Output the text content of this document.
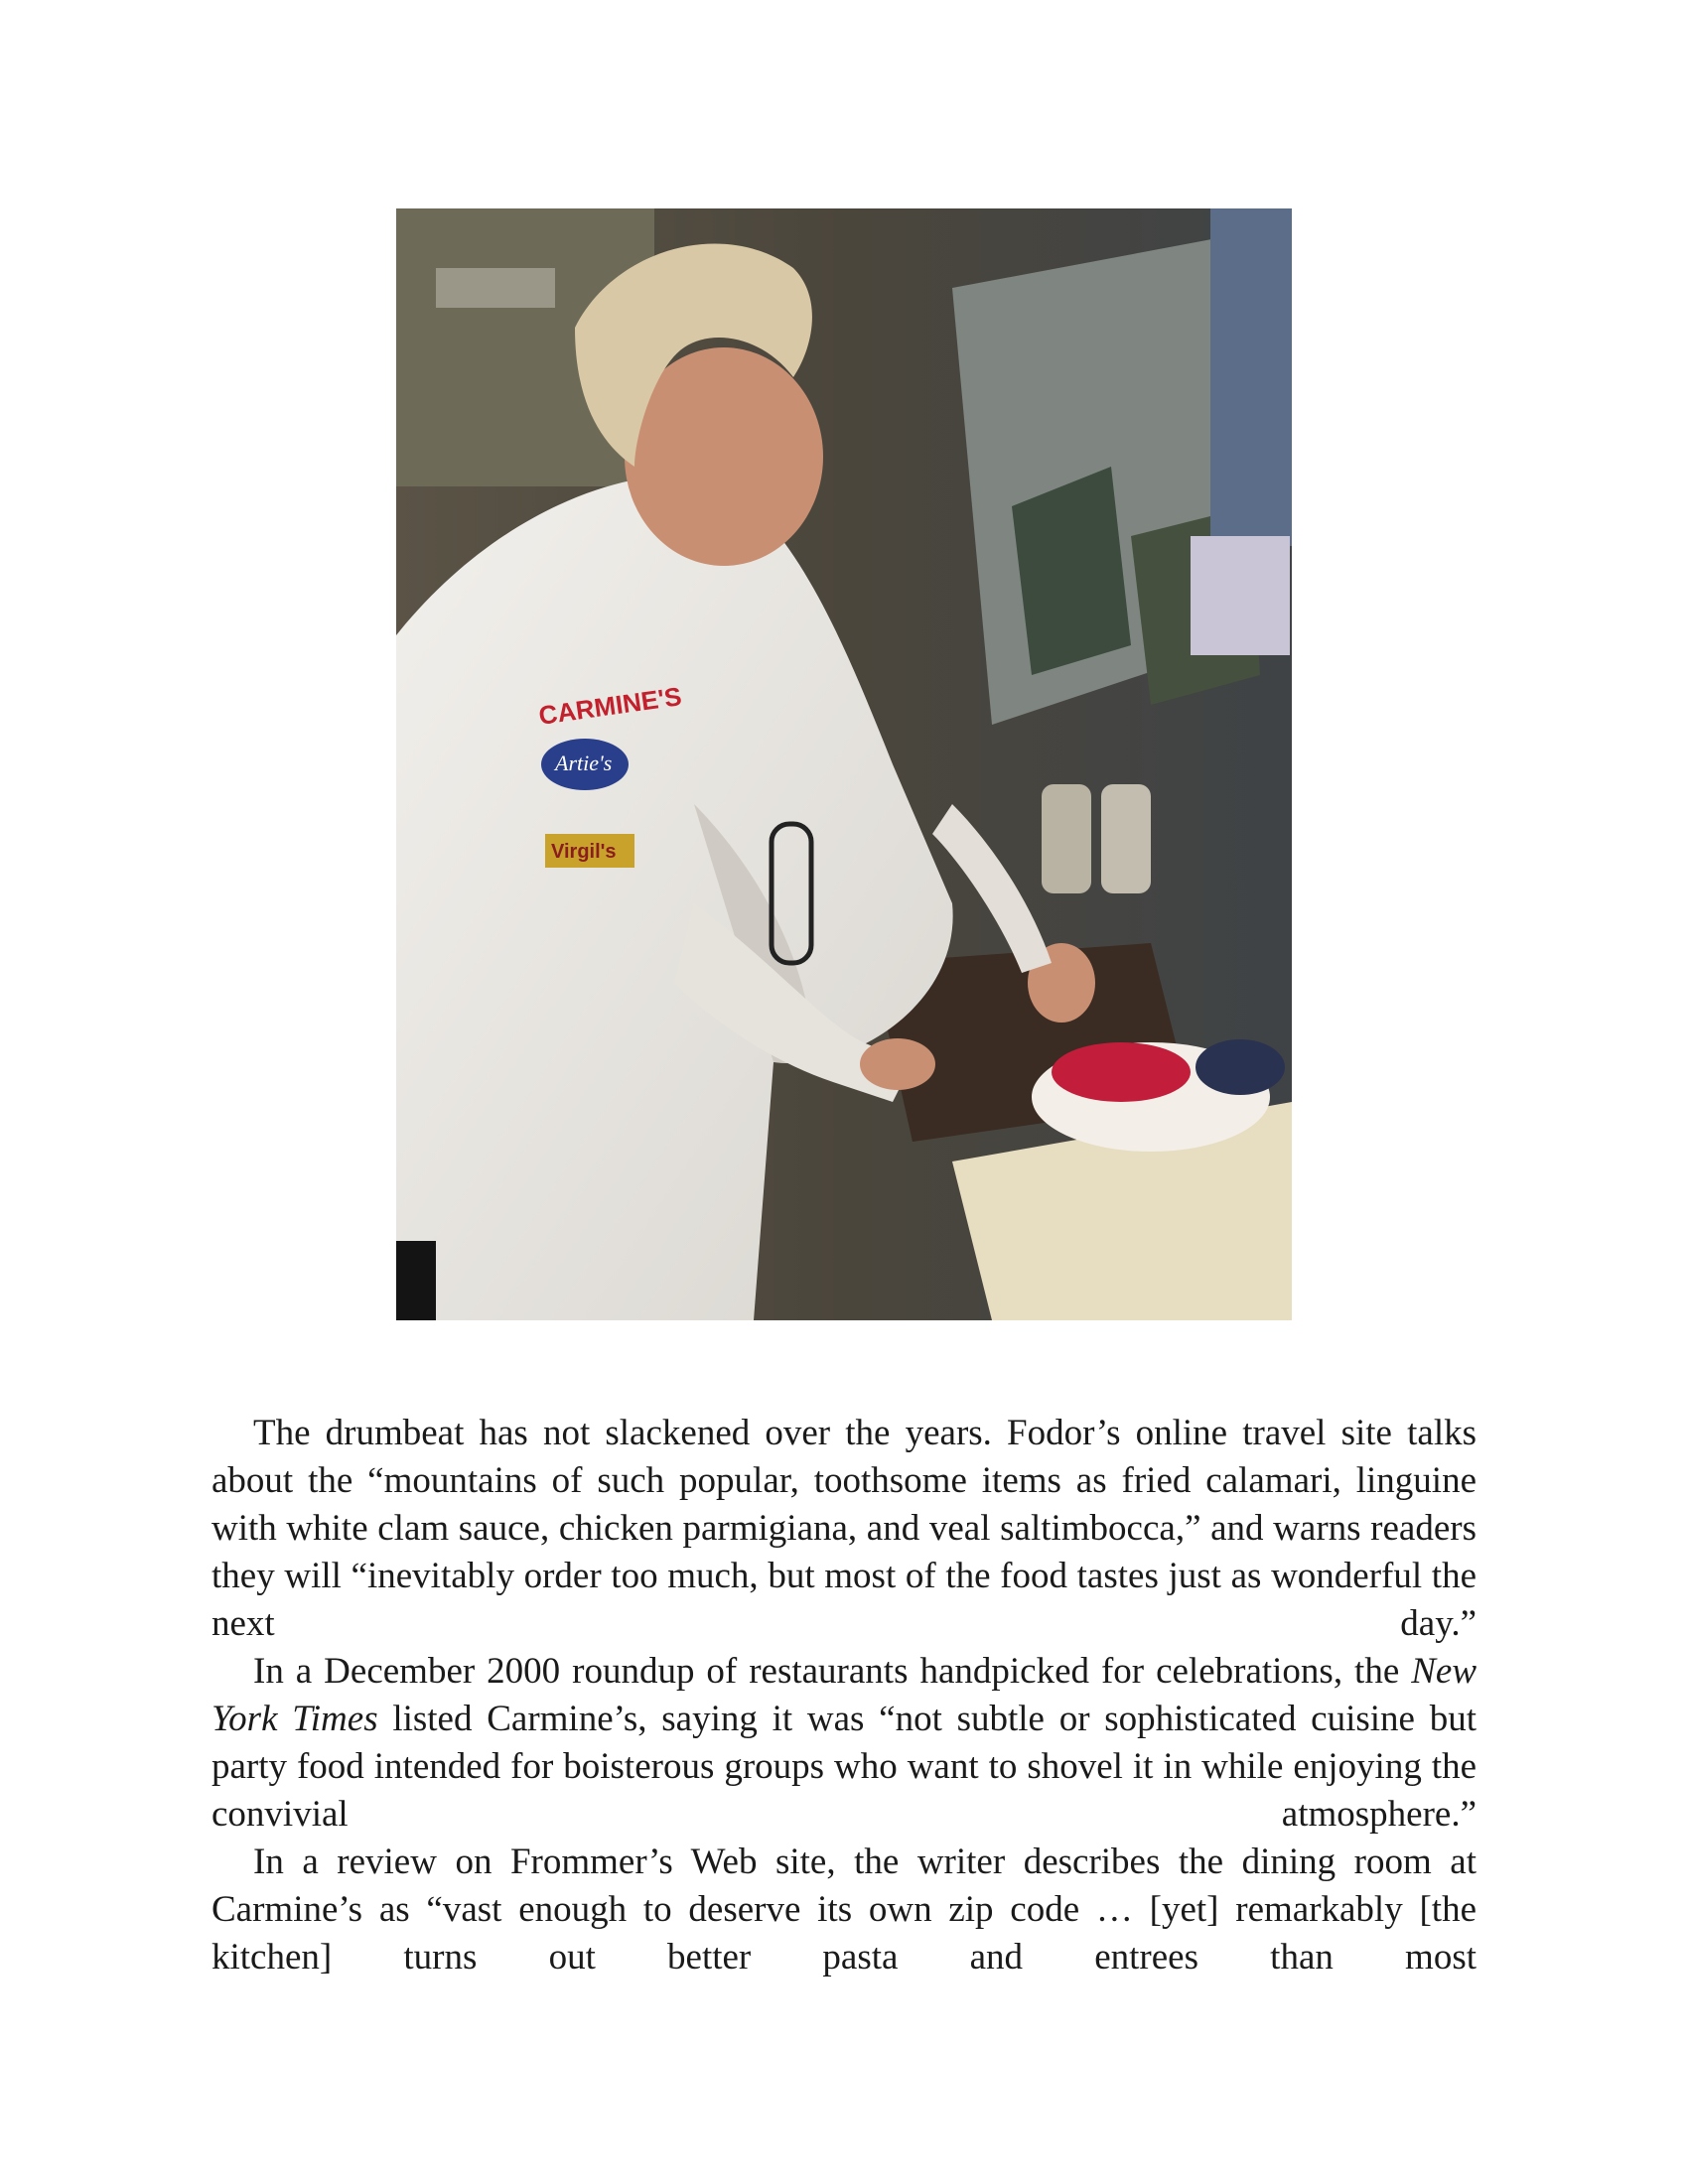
CARMINE'S
Artie's
Virgil's

The drumbeat has not slackened over the years. Fodor’s online travel site talks about the “mountains of such popular, toothsome items as fried calamari, linguine with white clam sauce, chicken parmigiana, and veal saltimbocca,” and warns readers they will “inevitably order too much, but most of the food tastes just as wonderful the next day.”

In a December 2000 roundup of restaurants handpicked for celebrations, the New York Times listed Carmine’s, saying it was “not subtle or sophisticated cuisine but party food intended for boisterous groups who want to shovel it in while enjoying the convivial atmosphere.”

In a review on Frommer’s Web site, the writer describes the dining room at Carmine’s as “vast enough to deserve its own zip code … [yet] remarkably [the kitchen] turns out better pasta and entrees than most
